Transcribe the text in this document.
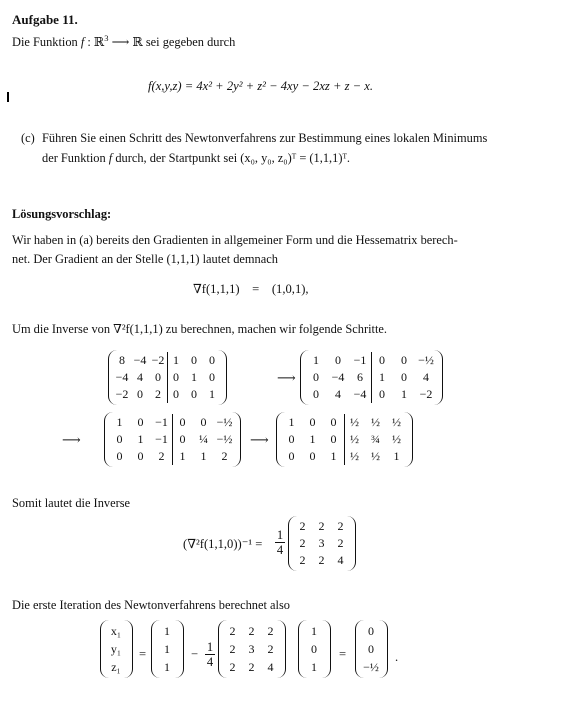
Aufgabe 11.
Die Funktion f : ℝ$^3$ ⟶ ℝ sei gegeben durch
f(x,y,z) = 4x² + 2y² + z² − 4xy − 2xz + z − x.
(c) Führen Sie einen Schritt des Newtonverfahrens zur Bestimmung eines lokalen Minimums
der Funktion f durch, der Startpunkt sei (x₀, y₀, z₀)ᵀ = (1,1,1)ᵀ.
Lösungsvorschlag:
Wir haben in (a) bereits den Gradienten in allgemeiner Form und die Hessematrix berech-
net. Der Gradient an der Stelle (1,1,1) lautet demnach
∇f(1,1,1) = (1,0,1),
Um die Inverse von ∇²f(1,1,1) zu berechnen, machen wir folgende Schritte.
8 −4 −2 1	0	0
−4 4	0	0	1	0
−2 0	2	0	0	1
⟶
1	0	−1	0	0 −½
0	−4	6	1	0	4
0	4	−4	0	1	−2
⟶
1	0 −1 0	0 −½
0	1 −1 0	¼ −½
0	0	2	1	1	2
⟶
1	0	0	½	½	½
0	1	0	½	¾	½
0	0	1	½	½	1
$\frac{1}{4}$
2	2	2
2	3	2
2	2	4
Somit lautet die Inverse
(∇²f(1,1,0))⁻¹ =
Die erste Iteration des Newtonverfahrens berechnet also
x₁
y₁
z₁
=
1
1
1
− $\frac{1}{4}$
2	2	2
2	3	2
2	2	4
1
0
1
=
0
0
−½
.
